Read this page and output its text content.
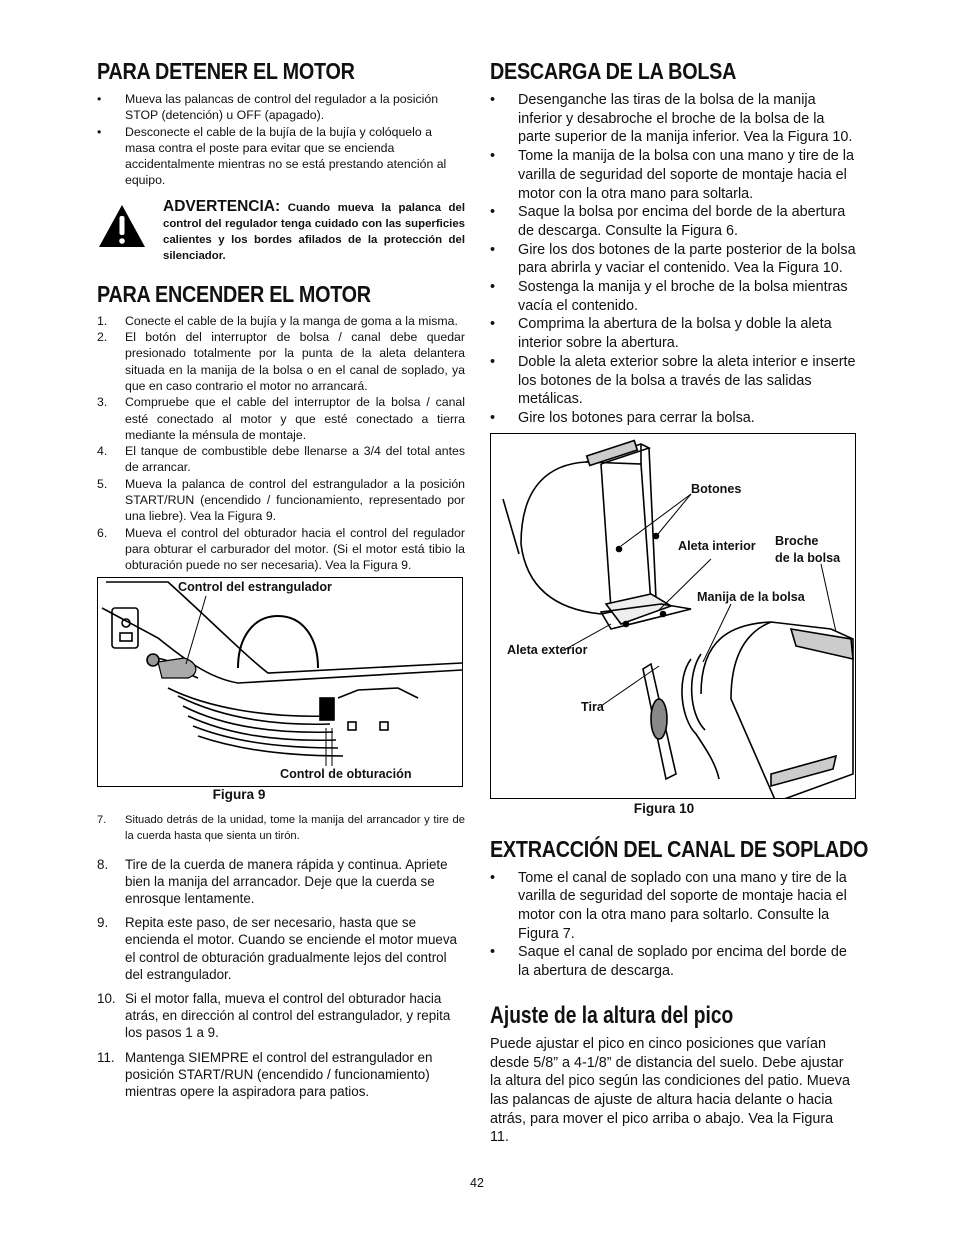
PARA DETENER EL MOTOR
• Mueva las palancas de control del regulador a la posición STOP (detención) u OFF (apagado).
• Desconecte el cable de la bujía de la bujía y colóquelo a masa contra el poste para evitar que se encienda accidentalmente mientras no se está prestando atención al equipo.
ADVERTENCIA: Cuando mueva la palanca del control del regulador tenga cuidado con las superficies calientes y los bordes afilados de la protección del silenciador.
PARA ENCENDER EL MOTOR
1. Conecte el cable de la bujía y la manga de goma a la misma.
2. El botón del interruptor de bolsa / canal debe quedar presionado totalmente por la punta de la aleta delantera situada en la manija de la bolsa o en el canal de soplado, ya que en caso contrario el motor no arrancará.
3. Compruebe que el cable del interruptor de la bolsa / canal esté conectado al motor y que esté conectado a tierra mediante la ménsula de montaje.
4. El tanque de combustible debe llenarse a 3/4 del total antes de arrancar.
5. Mueva la palanca de control del estrangulador a la posición START/RUN (encendido / funcionamiento, representado por una liebre). Vea la Figura 9.
6. Mueva el control del obturador hacia el control del regulador para obturar el carburador del motor. (Si el motor está tibio la obturación puede no ser necesaria). Vea la Figura 9.
Control del estrangulador
Control de obturación
Figura 9
7. Situado detrás de la unidad, tome la manija del arrancador y tire de la cuerda hasta que sienta un tirón.
8. Tire de la cuerda de manera rápida y continua. Apriete bien la manija del arrancador. Deje que la cuerda se enrosque lentamente.
9. Repita este paso, de ser necesario, hasta que se encienda el motor. Cuando se enciende el motor mueva el control de obturación gradualmente lejos del control del estrangulador.
10. Si el motor falla, mueva el control del obturador hacia atrás, en dirección al control del estrangulador, y repita los pasos 1 a 9.
11. Mantenga SIEMPRE el control del estrangulador en posición START/RUN (encendido / funcionamiento) mientras opere la aspiradora para patios.
DESCARGA DE LA BOLSA
• Desenganche las tiras de la bolsa de la manija inferior y desabroche el broche de la bolsa de la parte superior de la manija inferior. Vea la Figura 10.
• Tome la manija de la bolsa con una mano y tire de la varilla de seguridad del soporte de montaje hacia el motor con la otra mano para soltarla.
• Saque la bolsa por encima del borde de la abertura de descarga. Consulte la Figura 6.
• Gire los dos botones de la parte posterior de la bolsa para abrirla y vaciar el contenido. Vea la Figura 10.
• Sostenga la manija y el broche de la bolsa mientras vacía el contenido.
• Comprima la abertura de la bolsa y doble la aleta interior sobre la abertura.
• Doble la aleta exterior sobre la aleta interior e inserte los botones de la bolsa a través de las salidas metálicas.
• Gire los botones para cerrar la bolsa.
Botones
Aleta interior Broche
de la bolsa
Manija de la bolsa
Aleta exterior
Tira
Figura 10
EXTRACCIÓN DEL CANAL DE SOPLADO
• Tome el canal de soplado con una mano y tire de la varilla de seguridad del soporte de montaje hacia el motor con la otra mano para soltarlo. Consulte la Figura 7.
• Saque el canal de soplado por encima del borde de la abertura de descarga.
Ajuste de la altura del pico

Puede ajustar el pico en cinco posiciones que varían desde 5/8” a 4-1/8” de distancia del suelo. Debe ajustar la altura del pico según las condiciones del patio. Mueva las palancas de ajuste de altura hacia delante o hacia atrás, para mover el pico arriba o abajo. Vea la Figura 11.

42
